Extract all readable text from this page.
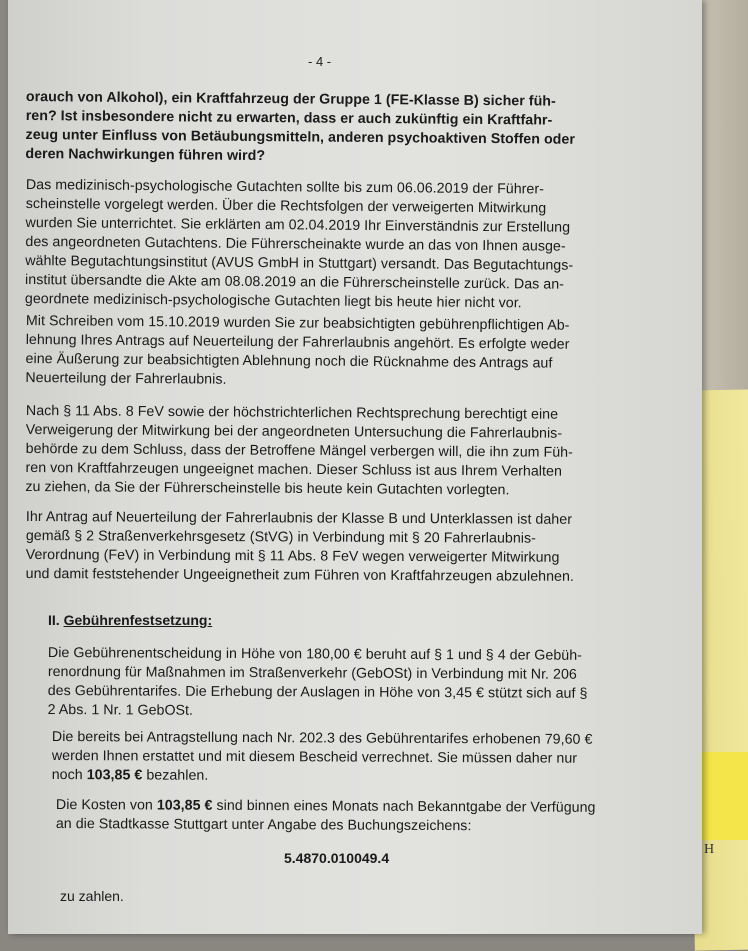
H
- 4 -
orauch von Alkohol), ein Kraftfahrzeug der Gruppe 1 (FE-Klasse B) sicher füh-
ren? Ist insbesondere nicht zu erwarten, dass er auch zukünftig ein Kraftfahr-
zeug unter Einfluss von Betäubungsmitteln, anderen psychoaktiven Stoffen oder
deren Nachwirkungen führen wird?
Das medizinisch-psychologische Gutachten sollte bis zum 06.06.2019 der Führer-
scheinstelle vorgelegt werden. Über die Rechtsfolgen der verweigerten Mitwirkung
wurden Sie unterrichtet. Sie erklärten am 02.04.2019 Ihr Einverständnis zur Erstellung
des angeordneten Gutachtens. Die Führerscheinakte wurde an das von Ihnen ausge-
wählte Begutachtungsinstitut (AVUS GmbH in Stuttgart) versandt. Das Begutachtungs-
institut übersandte die Akte am 08.08.2019 an die Führerscheinstelle zurück. Das an-
geordnete medizinisch-psychologische Gutachten liegt bis heute hier nicht vor.
Mit Schreiben vom 15.10.2019 wurden Sie zur beabsichtigten gebührenpflichtigen Ab-
lehnung Ihres Antrags auf Neuerteilung der Fahrerlaubnis angehört. Es erfolgte weder
eine Äußerung zur beabsichtigten Ablehnung noch die Rücknahme des Antrags auf
Neuerteilung der Fahrerlaubnis.
Nach § 11 Abs. 8 FeV sowie der höchstrichterlichen Rechtsprechung berechtigt eine
Verweigerung der Mitwirkung bei der angeordneten Untersuchung die Fahrerlaubnis-
behörde zu dem Schluss, dass der Betroffene Mängel verbergen will, die ihn zum Füh-
ren von Kraftfahrzeugen ungeeignet machen. Dieser Schluss ist aus Ihrem Verhalten
zu ziehen, da Sie der Führerscheinstelle bis heute kein Gutachten vorlegten.
Ihr Antrag auf Neuerteilung der Fahrerlaubnis der Klasse B und Unterklassen ist daher
gemäß § 2 Straßenverkehrsgesetz (StVG) in Verbindung mit § 20 Fahrerlaubnis-
Verordnung (FeV) in Verbindung mit § 11 Abs. 8 FeV wegen verweigerter Mitwirkung
und damit feststehender Ungeeignetheit zum Führen von Kraftfahrzeugen abzulehnen.
II. Gebührenfestsetzung:
Die Gebührenentscheidung in Höhe von 180,00 € beruht auf § 1 und § 4 der Gebüh-
renordnung für Maßnahmen im Straßenverkehr (GebOSt) in Verbindung mit Nr. 206
des Gebührentarifes. Die Erhebung der Auslagen in Höhe von 3,45 € stützt sich auf §
2 Abs. 1 Nr. 1 GebOSt.
Die bereits bei Antragstellung nach Nr. 202.3 des Gebührentarifes erhobenen 79,60 €
werden Ihnen erstattet und mit diesem Bescheid verrechnet. Sie müssen daher nur
noch 103,85 € bezahlen.
Die Kosten von 103,85 € sind binnen eines Monats nach Bekanntgabe der Verfügung
an die Stadtkasse Stuttgart unter Angabe des Buchungszeichens:
5.4870.010049.4
zu zahlen.
